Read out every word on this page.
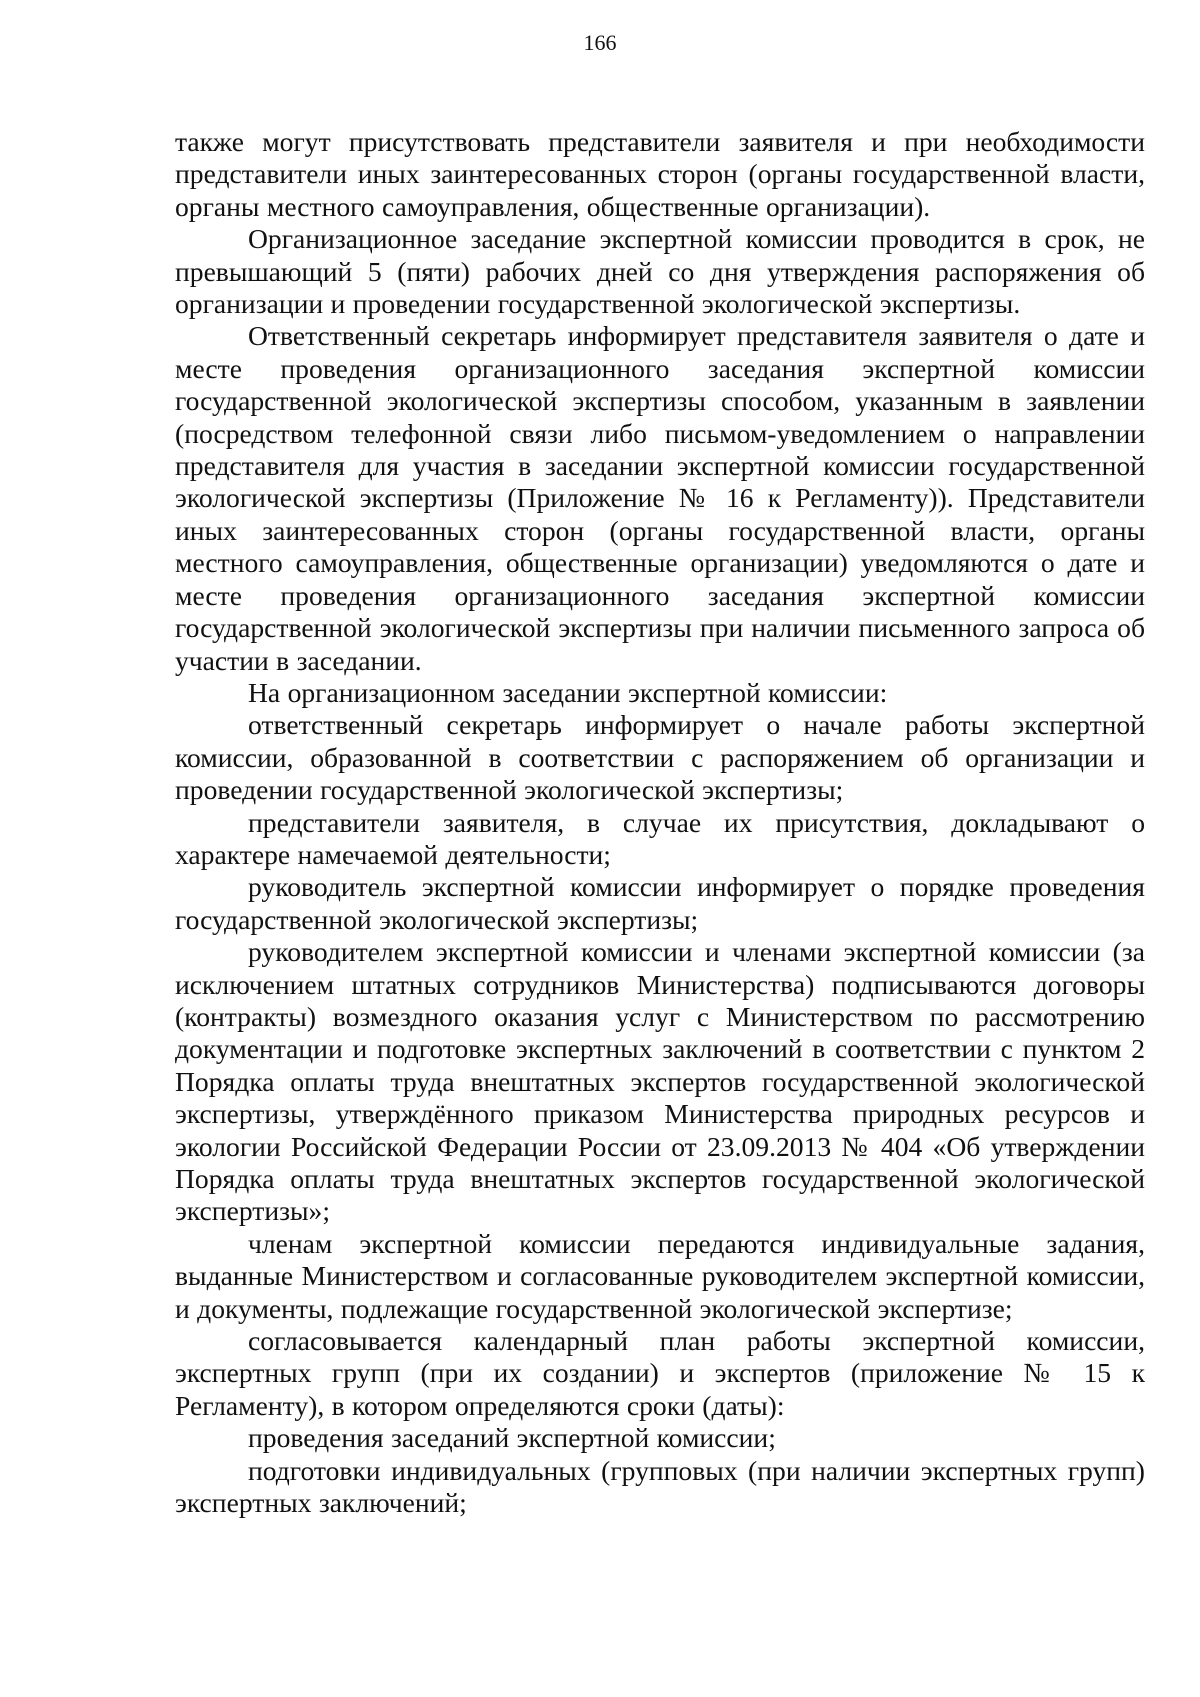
166

также могут присутствовать представители заявителя и при необходимости представители иных заинтересованных сторон (органы государственной власти, органы местного самоуправления, общественные организации).

Организационное заседание экспертной комиссии проводится в срок, не превышающий 5 (пяти) рабочих дней со дня утверждения распоряжения об организации и проведении государственной экологической экспертизы.

Ответственный секретарь информирует представителя заявителя о дате и месте проведения организационного заседания экспертной комиссии государственной экологической экспертизы способом, указанным в заявлении (посредством телефонной связи либо письмом-уведомлением о направлении представителя для участия в заседании экспертной комиссии государственной экологической экспертизы (Приложение № 16 к Регламенту)). Представители иных заинтересованных сторон (органы государственной власти, органы местного самоуправления, общественные организации) уведомляются о дате и месте проведения организационного заседания экспертной комиссии государственной экологической экспертизы при наличии письменного запроса об участии в заседании.

На организационном заседании экспертной комиссии:

ответственный секретарь информирует о начале работы экспертной комиссии, образованной в соответствии с распоряжением об организации и проведении государственной экологической экспертизы;

представители заявителя, в случае их присутствия, докладывают о характере намечаемой деятельности;

руководитель экспертной комиссии информирует о порядке проведения государственной экологической экспертизы;

руководителем экспертной комиссии и членами экспертной комиссии (за исключением штатных сотрудников Министерства) подписываются договоры (контракты) возмездного оказания услуг с Министерством по рассмотрению документации и подготовке экспертных заключений в соответствии с пунктом 2 Порядка оплаты труда внештатных экспертов государственной экологической экспертизы, утверждённого приказом Министерства природных ресурсов и экологии Российской Федерации России от 23.09.2013 № 404 «Об утверждении Порядка оплаты труда внештатных экспертов государственной экологической экспертизы»;

членам экспертной комиссии передаются индивидуальные задания, выданные Министерством и согласованные руководителем экспертной комиссии, и документы, подлежащие государственной экологической экспертизе;

согласовывается календарный план работы экспертной комиссии, экспертных групп (при их создании) и экспертов (приложение № 15 к Регламенту), в котором определяются сроки (даты):

проведения заседаний экспертной комиссии;

подготовки индивидуальных (групповых (при наличии экспертных групп) экспертных заключений;
